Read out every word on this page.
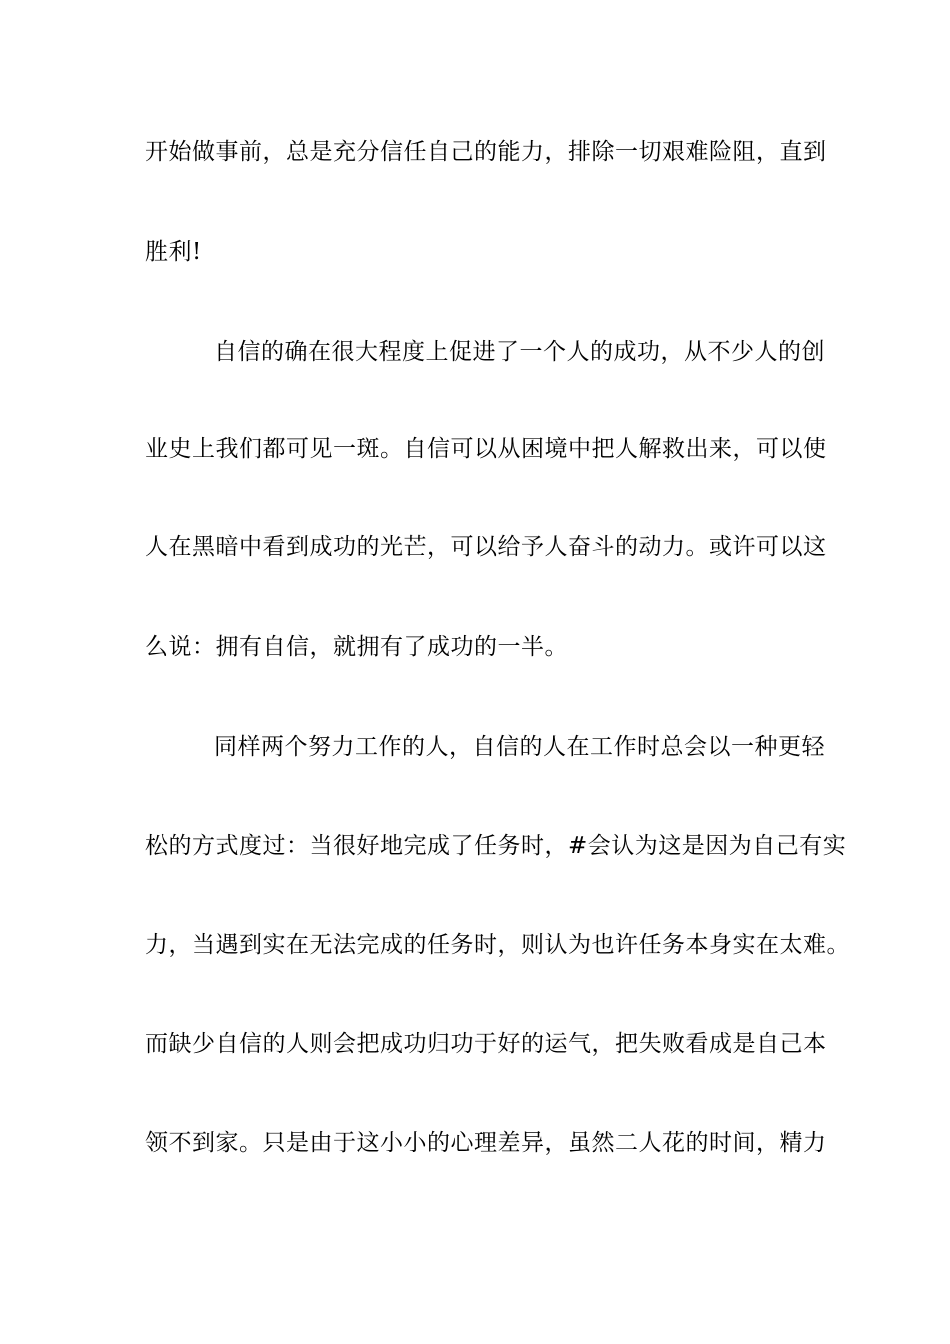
开始做事前，总是充分信任自己的能力，排除一切艰难险阻，直到
胜利!
自信的确在很大程度上促进了一个人的成功，从不少人的创
业史上我们都可见一斑。自信可以从困境中把人解救出来，可以使
人在黑暗中看到成功的光芒，可以给予人奋斗的动力。或许可以这
么说：拥有自信，就拥有了成功的一半。
同样两个努力工作的人，自信的人在工作时总会以一种更轻
松的方式度过：当很好地完成了任务时，#会认为这是因为自己有实
力，当遇到实在无法完成的任务时，则认为也许任务本身实在太难。
而缺少自信的人则会把成功归功于好的运气，把失败看成是自己本
领不到家。只是由于这小小的心理差异，虽然二人花的时间，精力
